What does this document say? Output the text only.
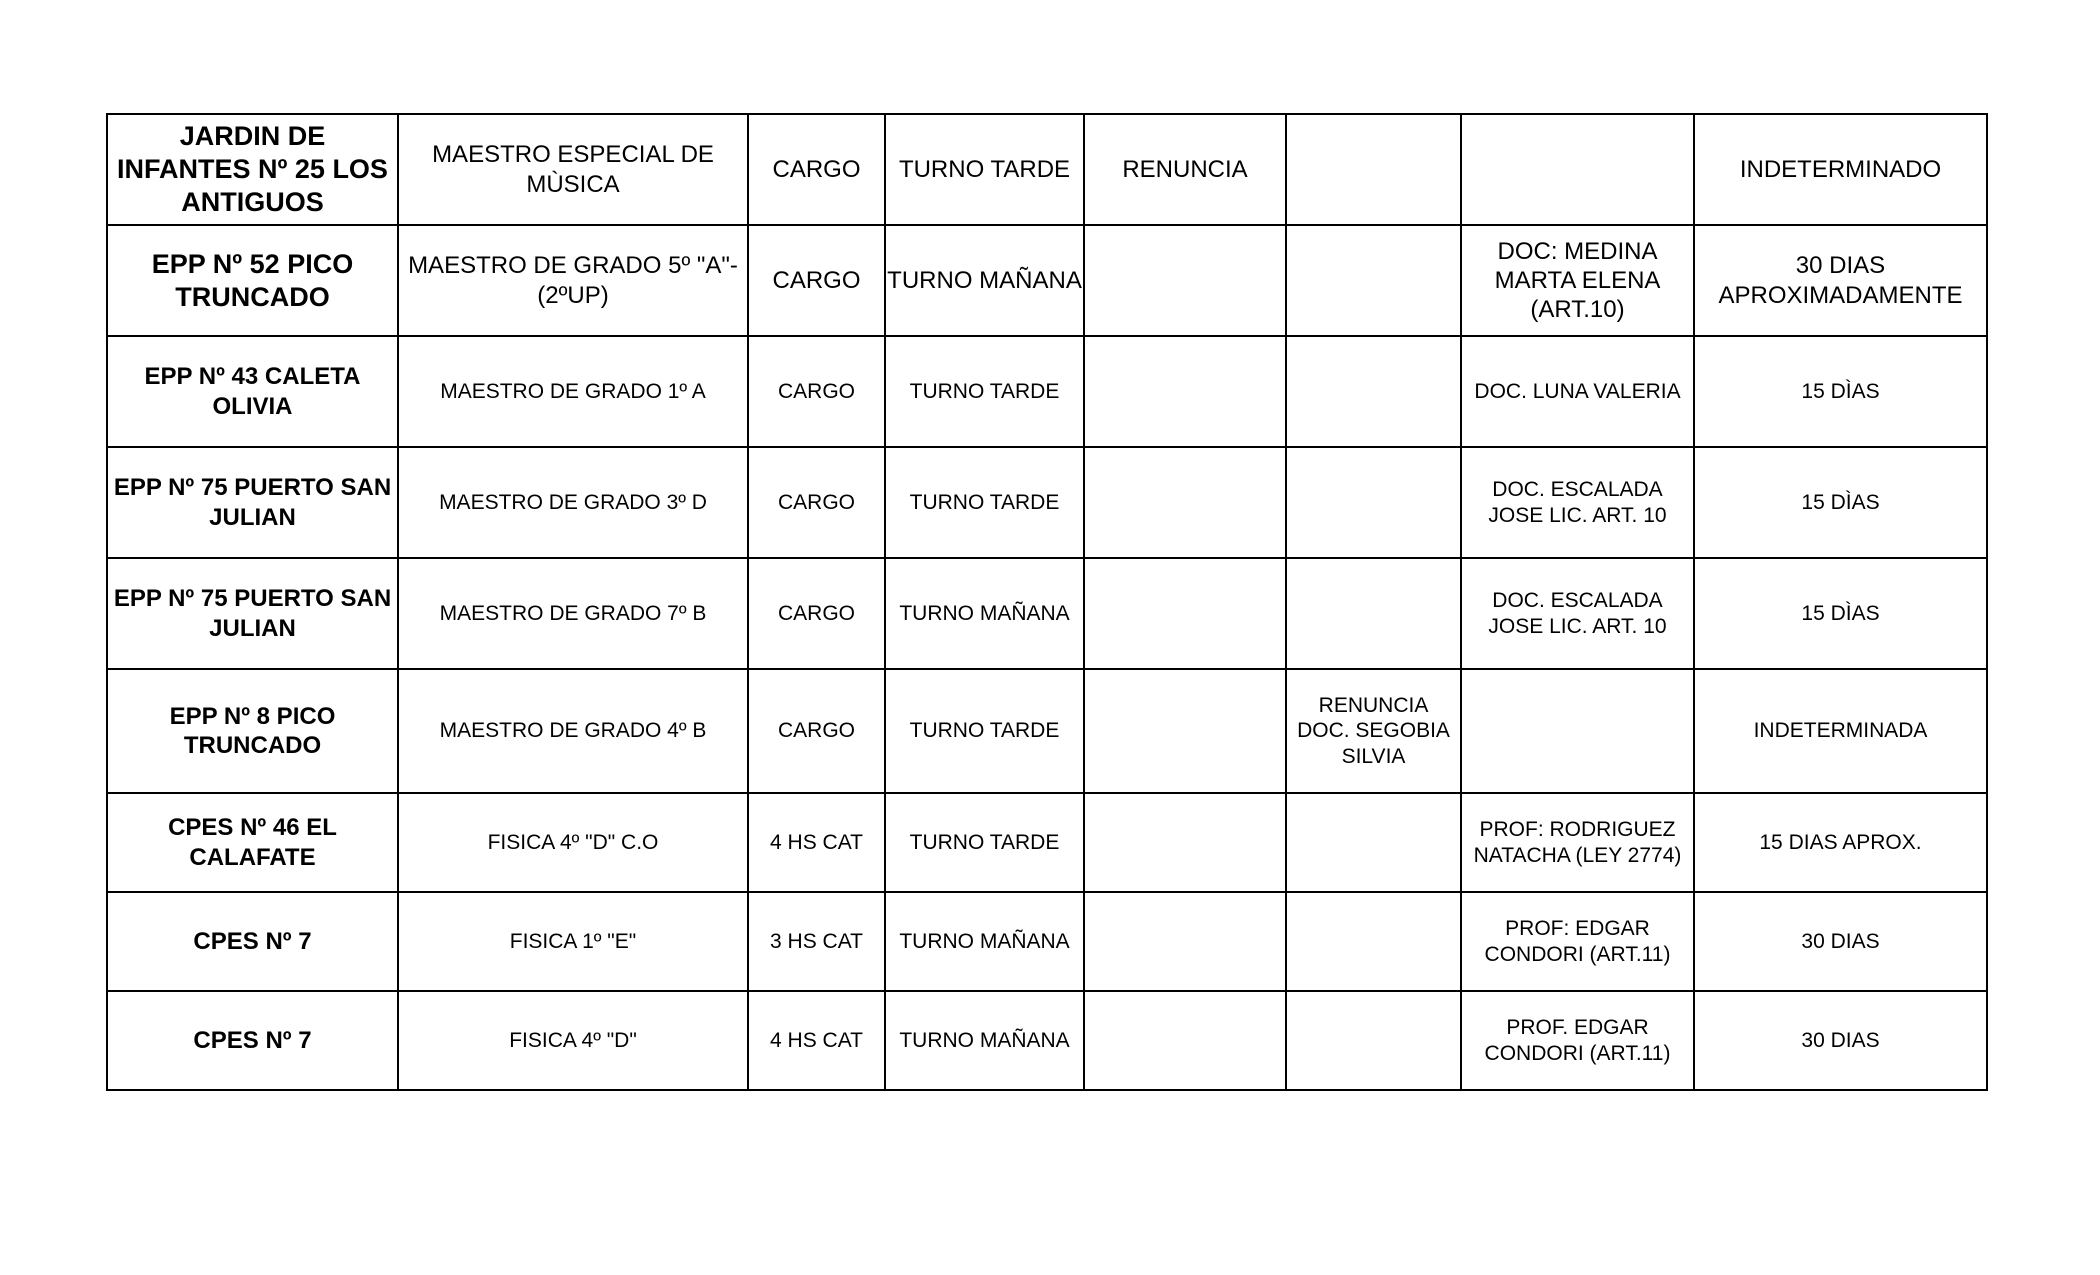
JARDIN DE INFANTES Nº 25 LOS ANTIGUOS	MAESTRO ESPECIAL DE MÙSICA	CARGO	TURNO TARDE	RENUNCIA			INDETERMINADO
EPP Nº 52 PICO TRUNCADO	MAESTRO DE GRADO 5º "A"-(2ºUP)	CARGO	TURNO MAÑANA			DOC: MEDINA MARTA ELENA (ART.10)	30 DIAS APROXIMADAMENTE
EPP Nº 43 CALETA OLIVIA	MAESTRO DE GRADO 1º A	CARGO	TURNO TARDE			DOC. LUNA VALERIA	15 DÌAS
EPP Nº 75 PUERTO SAN JULIAN	MAESTRO DE GRADO 3º D	CARGO	TURNO TARDE			DOC. ESCALADA JOSE LIC. ART. 10	15 DÌAS
EPP Nº 75 PUERTO SAN JULIAN	MAESTRO DE GRADO 7º B	CARGO	TURNO MAÑANA			DOC. ESCALADA JOSE LIC. ART. 10	15 DÌAS
EPP Nº 8 PICO TRUNCADO	MAESTRO DE GRADO 4º B	CARGO	TURNO TARDE		RENUNCIA DOC. SEGOBIA SILVIA		INDETERMINADA
CPES Nº 46 EL CALAFATE	FISICA 4º "D" C.O	4 HS CAT	TURNO TARDE			PROF: RODRIGUEZ NATACHA (LEY 2774)	15 DIAS APROX.
CPES Nº 7	FISICA 1º "E"	3 HS CAT	TURNO MAÑANA			PROF: EDGAR CONDORI (ART.11)	30 DIAS
CPES Nº 7	FISICA 4º "D"	4 HS CAT	TURNO MAÑANA			PROF. EDGAR CONDORI (ART.11)	30 DIAS
